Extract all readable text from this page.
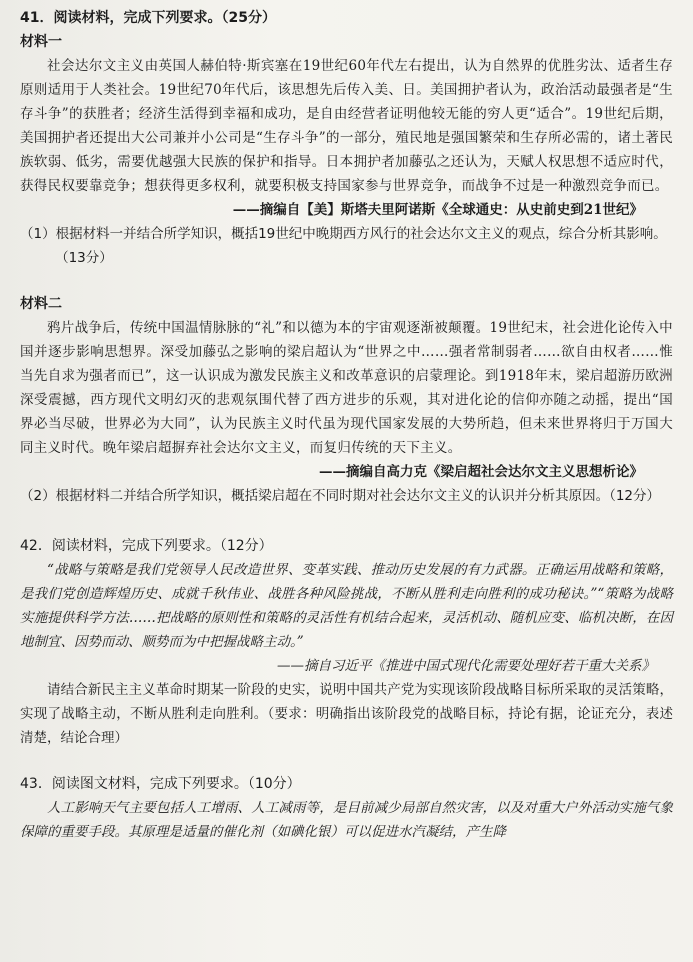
41．阅读材料，完成下列要求。（25分）

材料一

社会达尔文主义由英国人赫伯特·斯宾塞在19世纪60年代左右提出，认为自然界的优胜劣汰、适者生存原则适用于人类社会。19世纪70年代后，该思想先后传入美、日。美国拥护者认为，政治活动最强者是“生存斗争”的获胜者；经济生活得到幸福和成功，是自由经营者证明他较无能的穷人更“适合”。19世纪后期，美国拥护者还提出大公司兼并小公司是“生存斗争”的一部分，殖民地是强国繁荣和生存所必需的，诸土著民族软弱、低劣，需要优越强大民族的保护和指导。日本拥护者加藤弘之还认为，天赋人权思想不适应时代，获得民权要靠竞争；想获得更多权利，就要积极支持国家参与世界竞争，而战争不过是一种激烈竞争而已。

——摘编自【美】斯塔夫里阿诺斯《全球通史：从史前史到21世纪》

（1）根据材料一并结合所学知识，概括19世纪中晚期西方风行的社会达尔文主义的观点，综合分析其影响。（13分）

材料二

鸦片战争后，传统中国温情脉脉的“礼”和以德为本的宇宙观逐渐被颠覆。19世纪末，社会进化论传入中国并逐步影响思想界。深受加藤弘之影响的梁启超认为“世界之中……强者常制弱者……欲自由权者……惟当先自求为强者而已”，这一认识成为激发民族主义和改革意识的启蒙理论。到1918年末，梁启超游历欧洲深受震撼，西方现代文明幻灭的悲观氛围代替了西方进步的乐观，其对进化论的信仰亦随之动摇，提出“国界必当尽破，世界必为大同”，认为民族主义时代虽为现代国家发展的大势所趋，但未来世界将归于万国大同主义时代。晚年梁启超摒弃社会达尔文主义，而复归传统的天下主义。

——摘编自高力克《梁启超社会达尔文主义思想析论》

（2）根据材料二并结合所学知识，概括梁启超在不同时期对社会达尔文主义的认识并分析其原因。（12分）

42．阅读材料，完成下列要求。（12分）

“战略与策略是我们党领导人民改造世界、变革实践、推动历史发展的有力武器。正确运用战略和策略，是我们党创造辉煌历史、成就千秋伟业、战胜各种风险挑战，不断从胜利走向胜利的成功秘诀。”“策略为战略实施提供科学方法……把战略的原则性和策略的灵活性有机结合起来，灵活机动、随机应变、临机决断，在因地制宜、因势而动、顺势而为中把握战略主动。”

——摘自习近平《推进中国式现代化需要处理好若干重大关系》

请结合新民主主义革命时期某一阶段的史实，说明中国共产党为实现该阶段战略目标所采取的灵活策略，实现了战略主动，不断从胜利走向胜利。（要求：明确指出该阶段党的战略目标，持论有据，论证充分，表述清楚，结论合理）

43．阅读图文材料，完成下列要求。（10分）

人工影响天气主要包括人工增雨、人工减雨等，是目前减少局部自然灾害，以及对重大户外活动实施气象保障的重要手段。其原理是适量的催化剂（如碘化银）可以促进水汽凝结，产生降
